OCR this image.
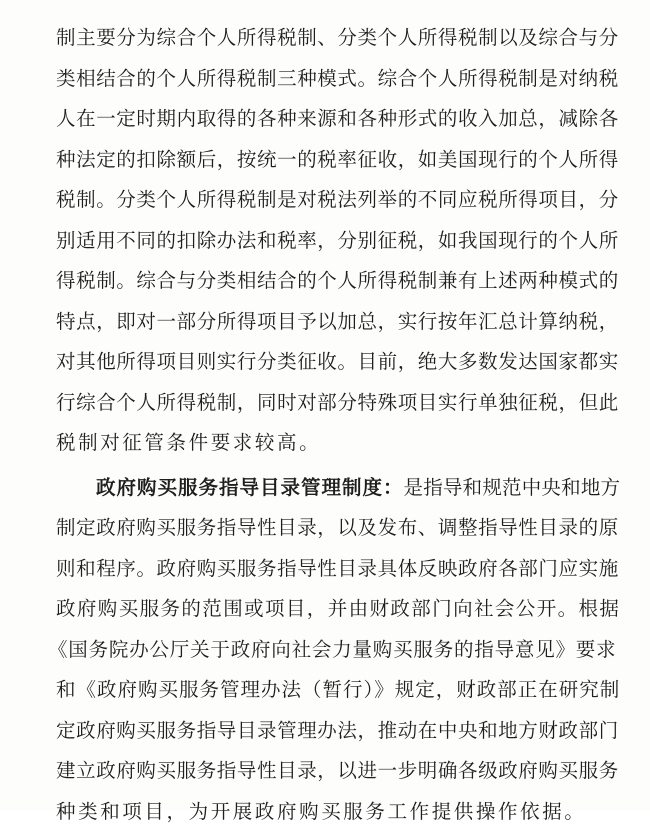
制主要分为综合个人所得税制、分类个人所得税制以及综合与分
类相结合的个人所得税制三种模式。综合个人所得税制是对纳税
人在一定时期内取得的各种来源和各种形式的收入加总，减除各
种法定的扣除额后，按统一的税率征收，如美国现行的个人所得
税制。分类个人所得税制是对税法列举的不同应税所得项目，分
别适用不同的扣除办法和税率，分别征税，如我国现行的个人所
得税制。综合与分类相结合的个人所得税制兼有上述两种模式的
特点，即对一部分所得项目予以加总，实行按年汇总计算纳税，
对其他所得项目则实行分类征收。目前，绝大多数发达国家都实
行综合个人所得税制，同时对部分特殊项目实行单独征税，但此
税制对征管条件要求较高。
政府购买服务指导目录管理制度：是指导和规范中央和地方
制定政府购买服务指导性目录，以及发布、调整指导性目录的原
则和程序。政府购买服务指导性目录具体反映政府各部门应实施
政府购买服务的范围或项目，并由财政部门向社会公开。根据
《国务院办公厅关于政府向社会力量购买服务的指导意见》要求
和《政府购买服务管理办法（暂行）》规定，财政部正在研究制
定政府购买服务指导目录管理办法，推动在中央和地方财政部门
建立政府购买服务指导性目录，以进一步明确各级政府购买服务
种类和项目，为开展政府购买服务工作提供操作依据。
